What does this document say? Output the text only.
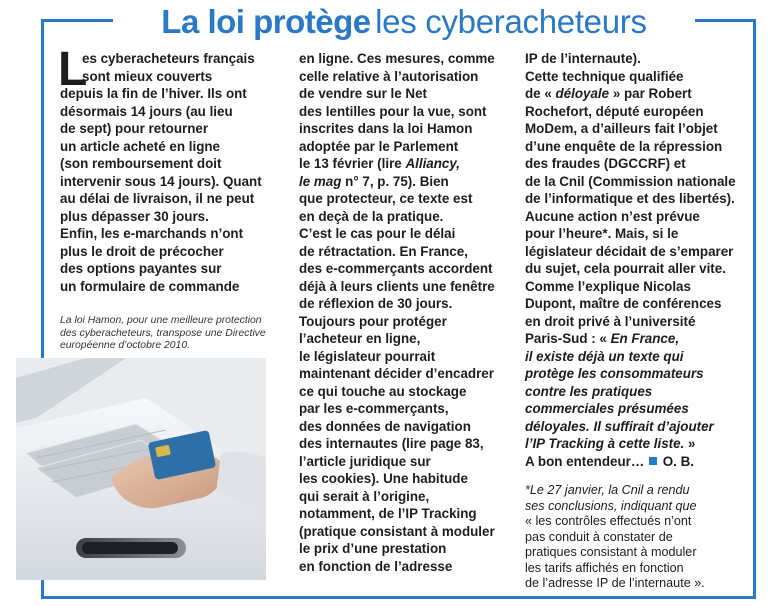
La loi protège les cyberacheteurs
L
es cyberacheteurs français
sont mieux couverts
depuis la fin de l’hiver. Ils ont
désormais 14 jours (au lieu
de sept) pour retourner
un article acheté en ligne
(son remboursement doit
intervenir sous 14 jours). Quant
au délai de livraison, il ne peut
plus dépasser 30 jours.
Enfin, les e-marchands n’ont
plus le droit de précocher
des options payantes sur
un formulaire de commande
La loi Hamon, pour une meilleure protection
des cyberacheteurs, transpose une Directive
européenne d’octobre 2010.
en ligne. Ces mesures, comme
celle relative à l’autorisation
de vendre sur le Net
des lentilles pour la vue, sont
inscrites dans la loi Hamon
adoptée par le Parlement
le 13 février (lire Alliancy,
le mag n° 7, p. 75). Bien
que protecteur, ce texte est
en deçà de la pratique.
C’est le cas pour le délai
de rétractation. En France,
des e-commerçants accordent
déjà à leurs clients une fenêtre
de réflexion de 30 jours.
Toujours pour protéger
l’acheteur en ligne,
le législateur pourrait
maintenant décider d’encadrer
ce qui touche au stockage
par les e-commerçants,
des données de navigation
des internautes (lire page 83,
l’article juridique sur
les cookies). Une habitude
qui serait à l’origine,
notamment, de l’IP Tracking
(pratique consistant à moduler
le prix d’une prestation
en fonction de l’adresse
IP de l’internaute).
Cette technique qualifiée
de « déloyale » par Robert
Rochefort, député européen
MoDem, a d’ailleurs fait l’objet
d’une enquête de la répression
des fraudes (DGCCRF) et
de la Cnil (Commission nationale
de l’informatique et des libertés).
Aucune action n’est prévue
pour l’heure*. Mais, si le
législateur décidait de s’emparer
du sujet, cela pourrait aller vite.
Comme l’explique Nicolas
Dupont, maître de conférences
en droit privé à l’université
Paris-Sud : « En France,
il existe déjà un texte qui
protège les consommateurs
contre les pratiques
commerciales présumées
déloyales. Il suffirait d’ajouter
l’IP Tracking à cette liste. »
A bon entendeur… O. B.
*Le 27 janvier, la Cnil a rendu
ses conclusions, indiquant que
« les contrôles effectués n’ont
pas conduit à constater de
pratiques consistant à moduler
les tarifs affichés en fonction
de l’adresse IP de l’internaute ».
